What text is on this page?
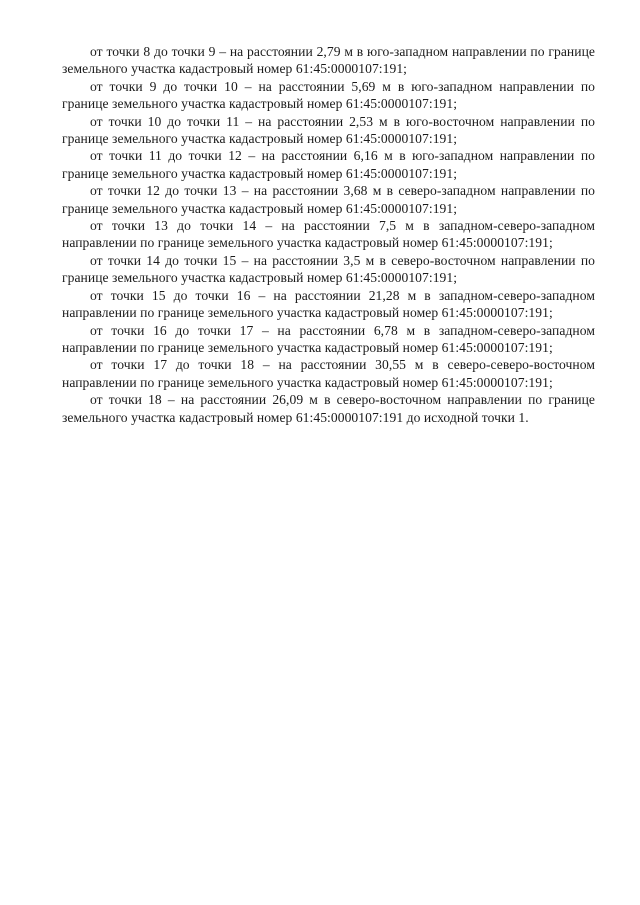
от точки 8 до точки 9 – на расстоянии 2,79 м в юго-западном направлении по границе земельного участка кадастровый номер 61:45:0000107:191;

от точки 9 до точки 10 – на расстоянии 5,69 м в юго-западном направлении по границе земельного участка кадастровый номер 61:45:0000107:191;

от точки 10 до точки 11 – на расстоянии 2,53 м в юго-восточном направлении по границе земельного участка кадастровый номер 61:45:0000107:191;

от точки 11 до точки 12 – на расстоянии 6,16 м в юго-западном направлении по границе земельного участка кадастровый номер 61:45:0000107:191;

от точки 12 до точки 13 – на расстоянии 3,68 м в северо-западном направлении по границе земельного участка кадастровый номер 61:45:0000107:191;

от точки 13 до точки 14 – на расстоянии 7,5 м в западном-северо-западном направлении по границе земельного участка кадастровый номер 61:45:0000107:191;

от точки 14 до точки 15 – на расстоянии 3,5 м в северо-восточном направлении по границе земельного участка кадастровый номер 61:45:0000107:191;

от точки 15 до точки 16 – на расстоянии 21,28 м в западном-северо-западном направлении по границе земельного участка кадастровый номер 61:45:0000107:191;

от точки 16 до точки 17 – на расстоянии 6,78 м в западном-северо-западном направлении по границе земельного участка кадастровый номер 61:45:0000107:191;

от точки 17 до точки 18 – на расстоянии 30,55 м в северо-северо-восточном направлении по границе земельного участка кадастровый номер 61:45:0000107:191;

от точки 18 – на расстоянии 26,09 м в северо-восточном направлении по границе земельного участка кадастровый номер 61:45:0000107:191 до исходной точки 1.
